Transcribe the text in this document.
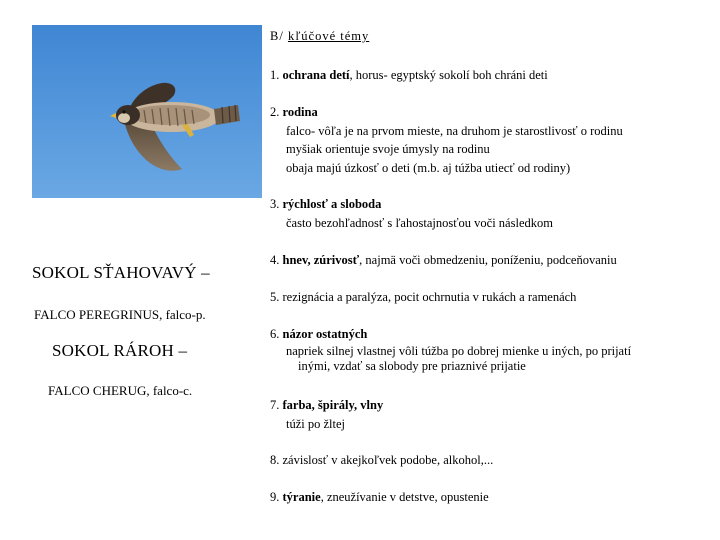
SOKOL SŤAHOVAVÝ –
FALCO PEREGRINUS, falco-p.
SOKOL RÁROH –
FALCO CHERUG, falco-c.
B/ kľúčové témy
1. ochrana detí, horus- egyptský sokolí boh chráni deti
2. rodina
falco- vôľa je na prvom mieste, na druhom je starostlivosť o rodinu
myšiak orientuje svoje úmysly na rodinu
obaja majú úzkosť o deti (m.b. aj túžba utiecť od rodiny)
3. rýchlosť a sloboda
často bezohľadnosť s ľahostajnosťou voči následkom
4. hnev, zúrivosť, najmä voči obmedzeniu, poníženiu, podceňovaniu
5. rezignácia a paralýza, pocit ochrnutia v rukách a ramenách
6. názor ostatných
napriek silnej vlastnej vôli túžba po dobrej mienke u iných, po prijatí
inými, vzdať sa slobody pre priaznivé prijatie
7. farba, špirály, vlny
túži po žltej
8. závislosť v akejkoľvek podobe, alkohol,...
9. týranie, zneužívanie v detstve, opustenie
